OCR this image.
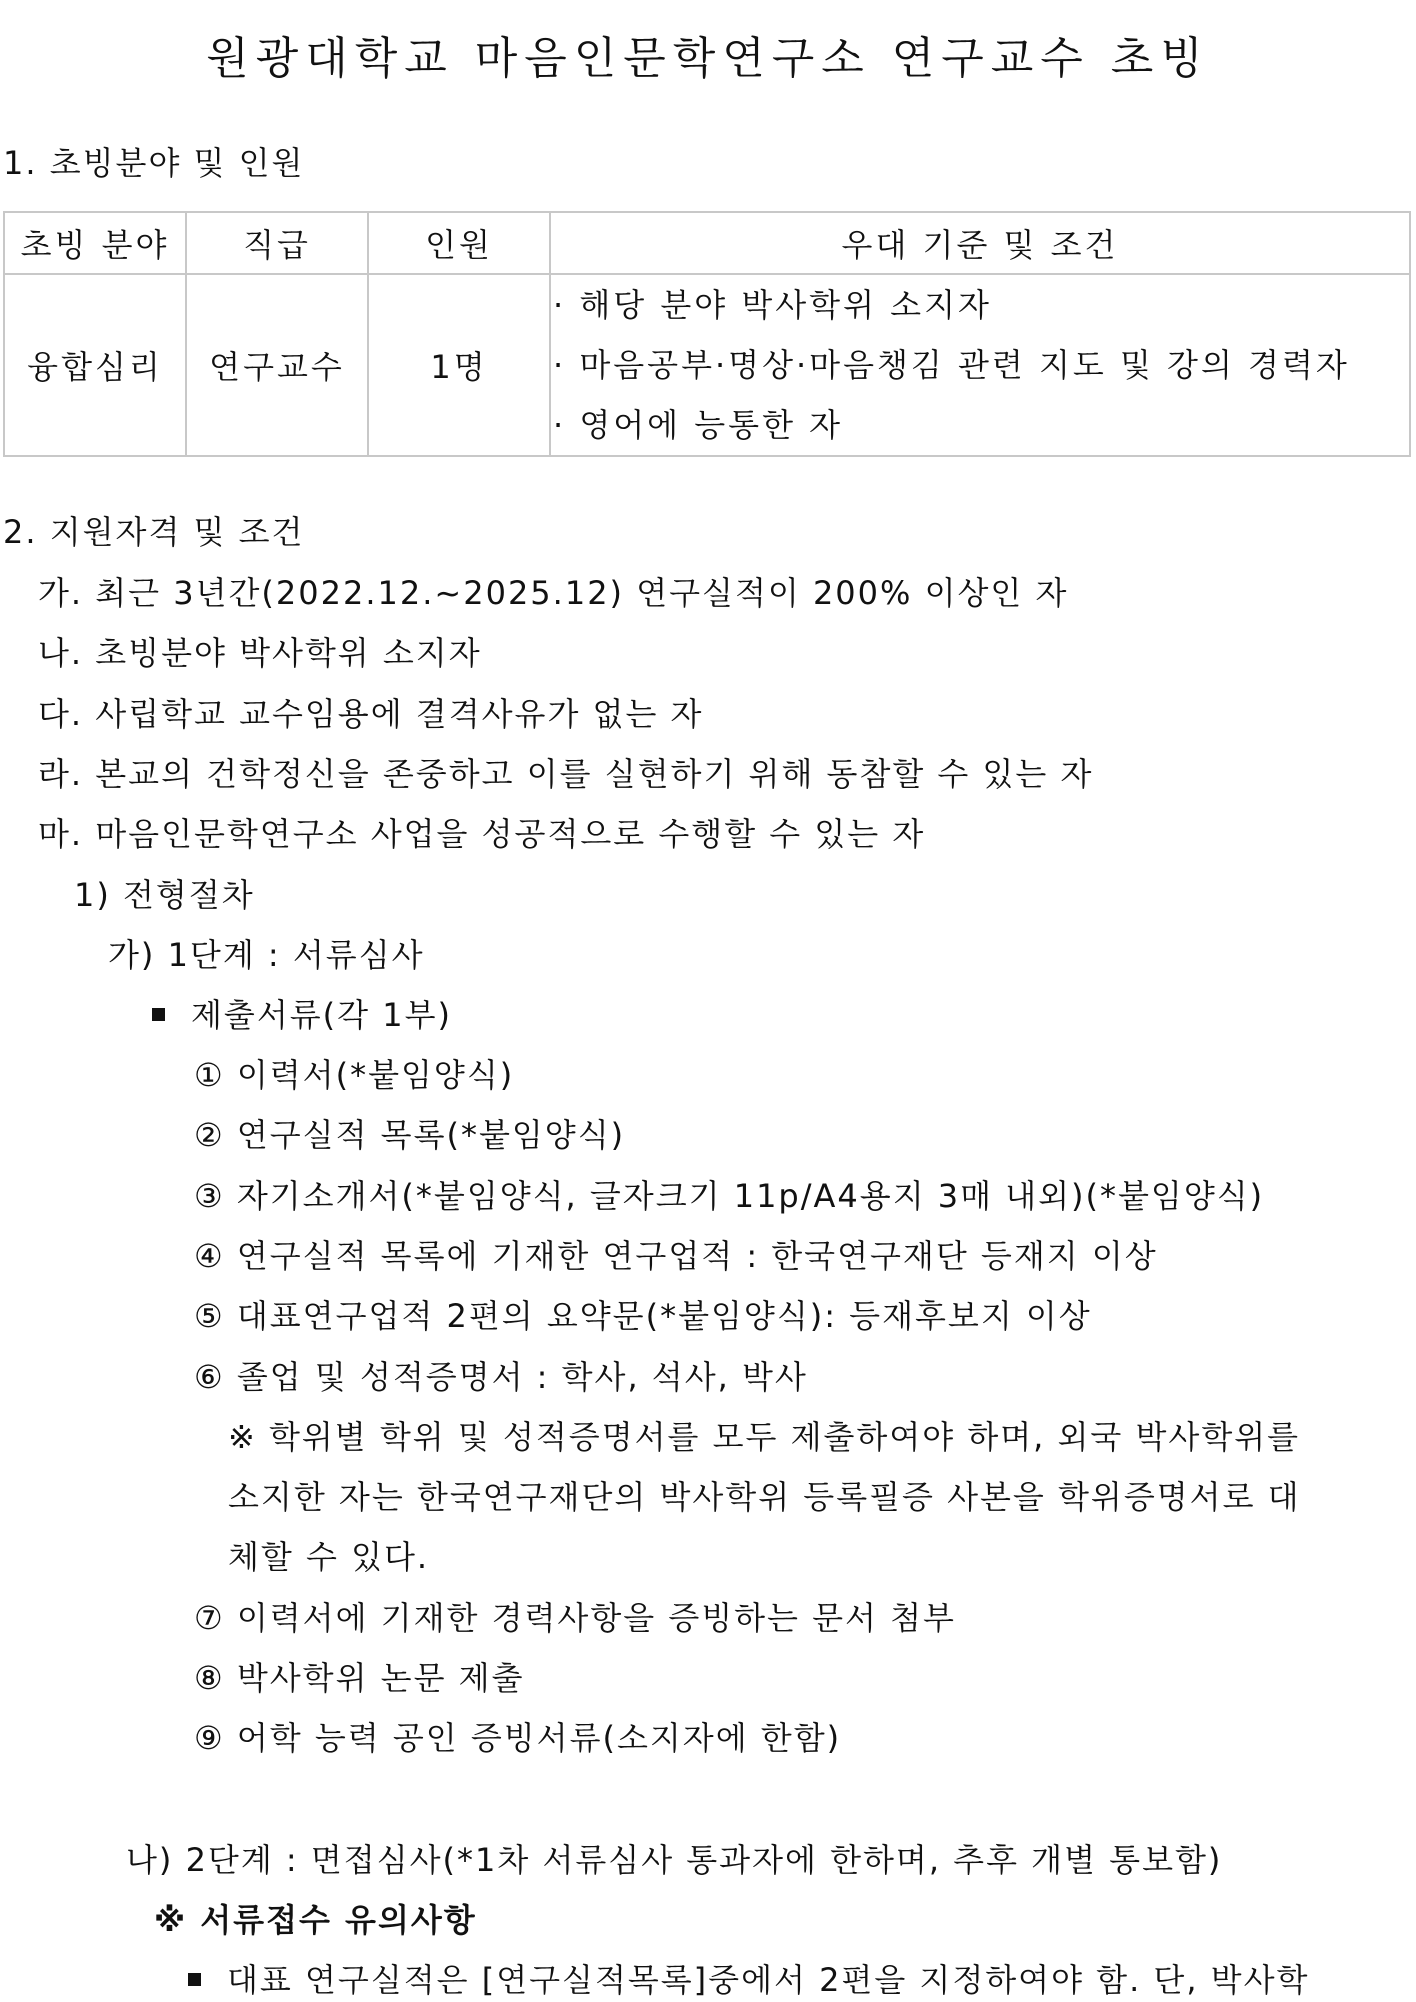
원광대학교 마음인문학연구소 연구교수 초빙
1. 초빙분야 및 인원
초빙 분야	직급	인원	우대 기준 및 조건
융합심리	연구교수	1명	· 해당 분야 박사학위 소지자
· 마음공부·명상·마음챙김 관련 지도 및 강의 경력자
· 영어에 능통한 자
2. 지원자격 및 조건
가. 최근 3년간(2022.12.~2025.12) 연구실적이 200% 이상인 자
나. 초빙분야 박사학위 소지자
다. 사립학교 교수임용에 결격사유가 없는 자
라. 본교의 건학정신을 존중하고 이를 실현하기 위해 동참할 수 있는 자
마. 마음인문학연구소 사업을 성공적으로 수행할 수 있는 자
1) 전형절차
가) 1단계 : 서류심사
제출서류(각 1부)
① 이력서(*붙임양식)
② 연구실적 목록(*붙임양식)
③ 자기소개서(*붙임양식, 글자크기 11p/A4용지 3매 내외)(*붙임양식)
④ 연구실적 목록에 기재한 연구업적 : 한국연구재단 등재지 이상
⑤ 대표연구업적 2편의 요약문(*붙임양식): 등재후보지 이상
⑥ 졸업 및 성적증명서 : 학사, 석사, 박사
※ 학위별 학위 및 성적증명서를 모두 제출하여야 하며, 외국 박사학위를
소지한 자는 한국연구재단의 박사학위 등록필증 사본을 학위증명서로 대
체할 수 있다.
⑦ 이력서에 기재한 경력사항을 증빙하는 문서 첨부
⑧ 박사학위 논문 제출
⑨ 어학 능력 공인 증빙서류(소지자에 한함)
나) 2단계 : 면접심사(*1차 서류심사 통과자에 한하며, 추후 개별 통보함)
※ 서류접수 유의사항
대표 연구실적은 [연구실적목록]중에서 2편을 지정하여야 함. 단, 박사학
